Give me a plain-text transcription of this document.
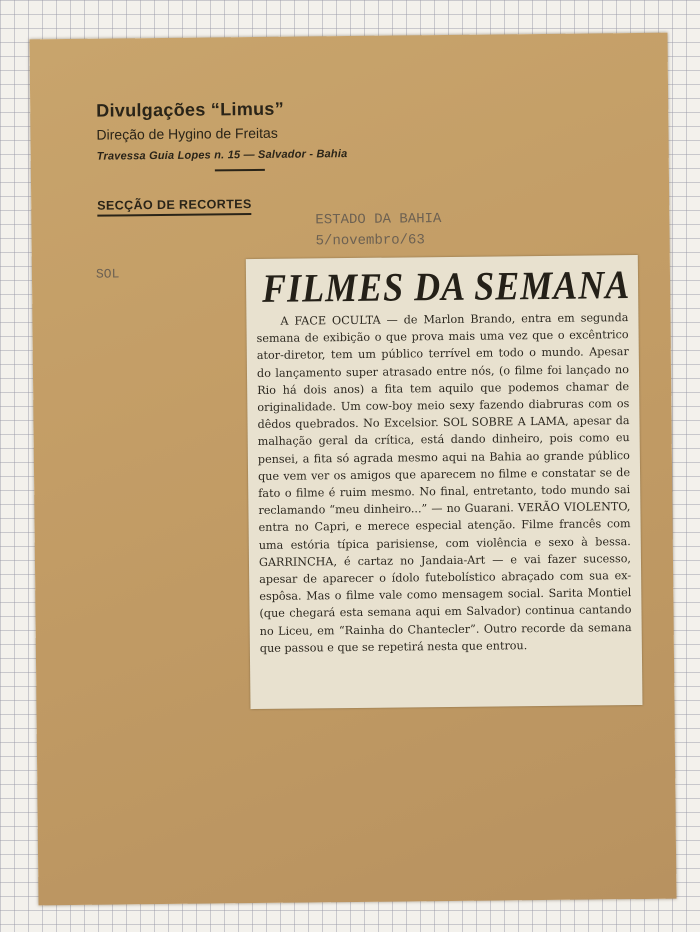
Divulgações “Limus”
Direção de Hygino de Freitas
Travessa Guia Lopes n. 15 — Salvador - Bahia
SECÇÃO DE RECORTES
ESTADO DA BAHIA
5/novembro/63
SOL	FILMES DA SEMANA

A FACE OCULTA — de Marlon Brando, entra em segunda semana de exibição o que prova mais uma vez que o excêntrico ator-diretor, tem um público terrível em todo o mundo. Apesar do lançamento super atrasado entre nós, (o filme foi lançado no Rio há dois anos) a fita tem aquilo que podemos chamar de originalidade. Um cow-boy meio sexy fazendo diabruras com os dêdos quebrados. No Excelsior. SOL SOBRE A LAMA, apesar da malhação geral da crítica, está dando dinheiro, pois como eu pensei, a fita só agrada mesmo aqui na Bahia ao grande público que vem ver os amigos que aparecem no filme e constatar se de fato o filme é ruim mesmo. No final, entretanto, todo mundo sai reclamando “meu dinheiro...” — no Guarani. VERÃO VIOLENTO, entra no Capri, e merece especial atenção. Filme francês com uma estória típica parisiense, com violência e sexo à bessa. GARRINCHA, é cartaz no Jandaia-Art — e vai fazer sucesso, apesar de aparecer o ídolo futebolístico abraçado com sua ex-espôsa. Mas o filme vale como mensagem social. Sarita Montiel (que chegará esta semana aqui em Salvador) continua cantando no Liceu, em “Rainha do Chantecler”. Outro recorde da semana que passou e que se repetirá nesta que entrou.
